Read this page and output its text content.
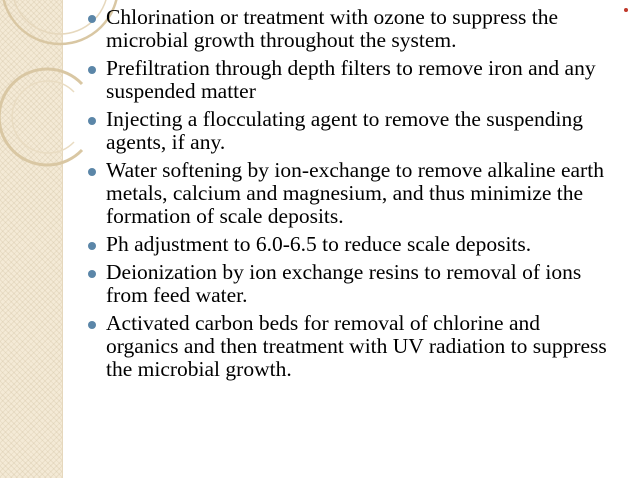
Chlorination or treatment with ozone to suppress the microbial growth throughout the system.
Prefiltration through depth filters to remove iron and any suspended matter
Injecting a flocculating agent to remove the suspending agents, if any.
Water softening by ion-exchange to remove alkaline earth metals, calcium and magnesium, and thus minimize the formation of scale deposits.
Ph adjustment to 6.0-6.5 to reduce scale deposits.
Deionization by ion exchange resins to removal of ions from feed water.
Activated carbon beds for removal of chlorine and organics and then treatment with UV radiation to suppress the microbial growth.
